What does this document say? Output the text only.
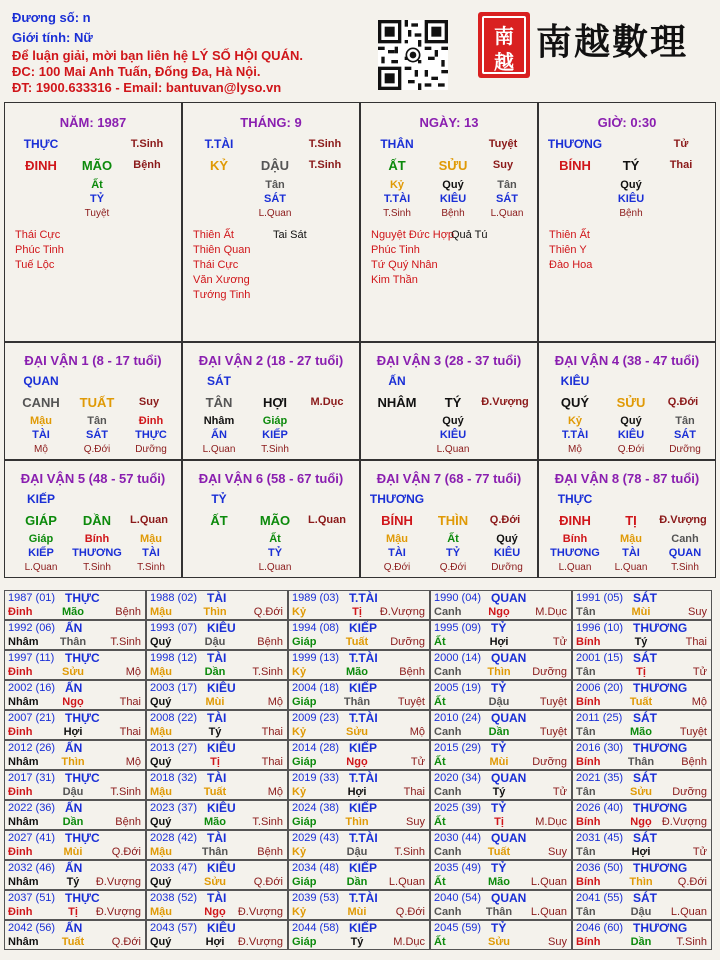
Đương số: n
Giới tính: Nữ
Để luận giải, mời bạn liên hệ LÝ SỐ HỘI QUÁN.
ĐC: 100 Mai Anh Tuấn, Đống Đa, Hà Nội.
ĐT: 1900.633316 - Email: bantuvan@lyso.vn
南
越 南越數理
NĂM: 1987
THỰC	T.Sinh
ĐINH	MÃO	Bệnh
Ất
TỶ
Tuyệt
Thái Cực
Phúc Tinh
Tuế Lộc
THÁNG: 9
T.TÀI	T.Sinh
KỶ	DẬU	T.Sinh
Tân
SÁT
L.Quan
Thiên Ất
Thiên Quan
Thái Cực
Văn Xương
Tướng Tinh
Tai Sát
NGÀY: 13
THÂN	Tuyệt
ẤT	SỬU	Suy
Kỷ
T.TÀI
T.Sinh
Quý
KIÊU
Bệnh
Tân
SÁT
L.Quan
Nguyệt Đức Hợp
Phúc Tinh
Tứ Quý Nhân
Kim Thần
Quả Tú
GIỜ: 0:30
THƯƠNG	Tử
BÍNH	TÝ	Thai
Quý
KIÊU
Bệnh
Thiên Ất
Thiên Y
Đào Hoa
ĐẠI VẬN 1 (8 - 17 tuổi)
QUAN
CANH	TUẤT	Suy
Mậu
TÀI
Mộ
Tân
SÁT
Q.Đới
Đinh
THỰC
Dưỡng
ĐẠI VẬN 2 (18 - 27 tuổi)
SÁT
TÂN	HỢI	M.Dục
Nhâm
ẤN
L.Quan
Giáp
KIẾP
T.Sinh
ĐẠI VẬN 3 (28 - 37 tuổi)
ẤN
NHÂM	TÝ	Đ.Vượng
Quý
KIÊU
L.Quan
ĐẠI VẬN 4 (38 - 47 tuổi)
KIÊU
QUÝ	SỬU	Q.Đới
Kỷ
T.TÀI
Mộ
Quý
KIÊU
Q.Đới
Tân
SÁT
Dưỡng
ĐẠI VẬN 5 (48 - 57 tuổi)
KIẾP
GIÁP	DẦN	L.Quan
Giáp
KIẾP
L.Quan
Bính
THƯƠNG
T.Sinh
Mậu
TÀI
T.Sinh
ĐẠI VẬN 6 (58 - 67 tuổi)
TỶ
ẤT	MÃO	L.Quan
Ất
TỶ
L.Quan
ĐẠI VẬN 7 (68 - 77 tuổi)
THƯƠNG
BÍNH	THÌN	Q.Đới
Mậu
TÀI
Q.Đới
Ất
TỶ
Q.Đới
Quý
KIÊU
Dưỡng
ĐẠI VẬN 8 (78 - 87 tuổi)
THỰC
ĐINH	TỊ	Đ.Vượng
Bính
THƯƠNG
L.Quan
Mậu
TÀI
L.Quan
Canh
QUAN
T.Sinh
1987 (01) THỰC
Đinh	Mão	Bệnh
1988 (02) TÀI
Mậu	Thìn	Q.Đới
1989 (03) T.TÀI
Kỷ	Tị	Đ.Vượng
1990 (04) QUAN
Canh	Ngọ	M.Dục
1991 (05) SÁT
Tân	Mùi	Suy
1992 (06) ẤN
Nhâm	Thân	T.Sinh
1993 (07) KIÊU
Quý	Dậu	Bệnh
1994 (08) KIẾP
Giáp	Tuất	Dưỡng
1995 (09) TỶ
Ất	Hợi	Tử
1996 (10) THƯƠNG
Bính	Tý	Thai
1997 (11) THỰC
Đinh	Sửu	Mộ
1998 (12) TÀI
Mậu	Dần	T.Sinh
1999 (13) T.TÀI
Kỷ	Mão	Bệnh
2000 (14) QUAN
Canh	Thìn	Dưỡng
2001 (15) SÁT
Tân	Tị	Tử
2002 (16) ẤN
Nhâm	Ngọ	Thai
2003 (17) KIÊU
Quý	Mùi	Mộ
2004 (18) KIẾP
Giáp	Thân	Tuyệt
2005 (19) TỶ
Ất	Dậu	Tuyệt
2006 (20) THƯƠNG
Bính	Tuất	Mộ
2007 (21) THỰC
Đinh	Hợi	Thai
2008 (22) TÀI
Mậu	Tý	Thai
2009 (23) T.TÀI
Kỷ	Sửu	Mộ
2010 (24) QUAN
Canh	Dần	Tuyệt
2011 (25) SÁT
Tân	Mão	Tuyệt
2012 (26) ẤN
Nhâm	Thìn	Mộ
2013 (27) KIÊU
Quý	Tị	Thai
2014 (28) KIẾP
Giáp	Ngọ	Tử
2015 (29) TỶ
Ất	Mùi	Dưỡng
2016 (30) THƯƠNG
Bính	Thân	Bệnh
2017 (31) THỰC
Đinh	Dậu	T.Sinh
2018 (32) TÀI
Mậu	Tuất	Mộ
2019 (33) T.TÀI
Kỷ	Hợi	Thai
2020 (34) QUAN
Canh	Tý	Tử
2021 (35) SÁT
Tân	Sửu	Dưỡng
2022 (36) ẤN
Nhâm	Dần	Bệnh
2023 (37) KIÊU
Quý	Mão	T.Sinh
2024 (38) KIẾP
Giáp	Thìn	Suy
2025 (39) TỶ
Ất	Tị	M.Dục
2026 (40) THƯƠNG
Bính	Ngọ Đ.Vượng
2027 (41) THỰC
Đinh	Mùi	Q.Đới
2028 (42) TÀI
Mậu	Thân	Bệnh
2029 (43) T.TÀI
Kỷ	Dậu	T.Sinh
2030 (44) QUAN
Canh	Tuất	Suy
2031 (45) SÁT
Tân	Hợi	Tử
2032 (46) ẤN
Nhâm	Tý	Đ.Vượng
2033 (47) KIÊU
Quý	Sửu	Q.Đới
2034 (48) KIẾP
Giáp	Dần	L.Quan
2035 (49) TỶ
Ất	Mão	L.Quan
2036 (50) THƯƠNG
Bính	Thìn	Q.Đới
2037 (51) THỰC
Đinh	Tị	Đ.Vượng
2038 (52) TÀI
Mậu	Ngọ	Đ.Vượng
2039 (53) T.TÀI
Kỷ	Mùi	Q.Đới
2040 (54) QUAN
Canh	Thân	L.Quan
2041 (55) SÁT
Tân	Dậu	L.Quan
2042 (56) ẤN
Nhâm	Tuất	Q.Đới
2043 (57) KIÊU
Quý	Hợi	Đ.Vượng
2044 (58) KIẾP
Giáp	Tý	M.Dục
2045 (59) TỶ
Ất	Sửu	Suy
2046 (60) THƯƠNG
Bính	Dần	T.Sinh
